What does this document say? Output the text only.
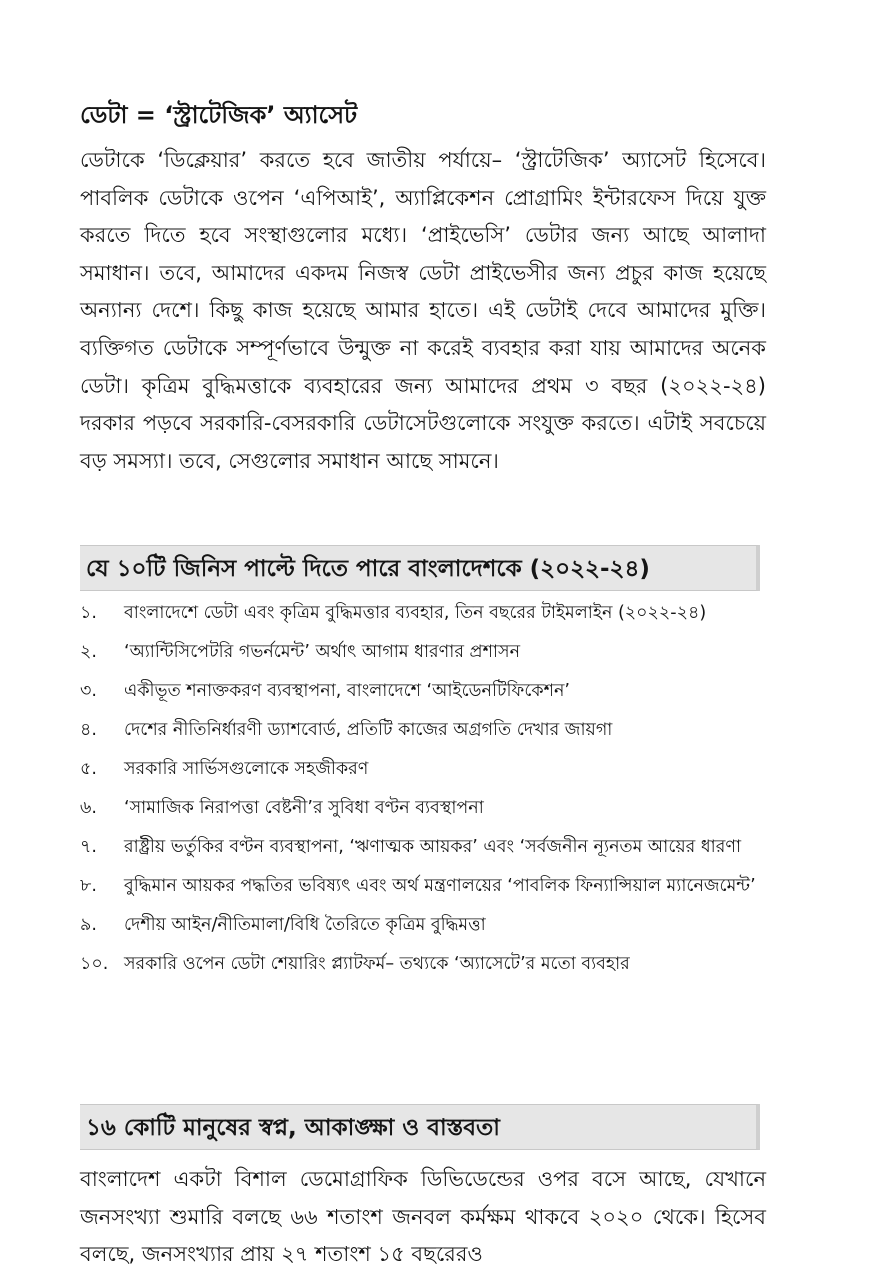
ডেটা = ‘স্ট্রাটেজিক’ অ্যাসেট

ডেটাকে ‘ডিক্লেয়ার’ করতে হবে জাতীয় পর্যায়ে– ‘স্ট্রাটেজিক’ অ্যাসেট হিসেবে। পাবলিক ডেটাকে ওপেন ‘এপিআই’, অ্যাপ্লিকেশন প্রোগ্রামিং ইন্টারফেস দিয়ে যুক্ত করতে দিতে হবে সংস্থাগুলোর মধ্যে। ‘প্রাইভেসি’ ডেটার জন্য আছে আলাদা সমাধান। তবে, আমাদের একদম নিজস্ব ডেটা প্রাইভেসীর জন্য প্রচুর কাজ হয়েছে অন্যান্য দেশে। কিছু কাজ হয়েছে আমার হাতে। এই ডেটাই দেবে আমাদের মুক্তি। ব্যক্তিগত ডেটাকে সম্পূর্ণভাবে উন্মুক্ত না করেই ব্যবহার করা যায় আমাদের অনেক ডেটা। কৃত্রিম বুদ্ধিমত্তাকে ব্যবহারের জন্য আমাদের প্রথম ৩ বছর (২০২২-২৪) দরকার পড়বে সরকারি-বেসরকারি ডেটাসেটগুলোকে সংযুক্ত করতে। এটাই সবচেয়ে বড় সমস্যা। তবে, সেগুলোর সমাধান আছে সামনে।

যে ১০টি জিনিস পাল্টে দিতে পারে বাংলাদেশকে (২০২২-২৪)
১.	বাংলাদেশে ডেটা এবং কৃত্রিম বুদ্ধিমত্তার ব্যবহার, তিন বছরের টাইমলাইন (২০২২-২৪)
২.	‘অ্যান্টিসিপেটরি গভর্নমেন্ট’ অর্থাৎ আগাম ধারণার প্রশাসন
৩.	একীভূত শনাক্তকরণ ব্যবস্থাপনা, বাংলাদেশে ‘আইডেনটিফিকেশন’
৪.	দেশের নীতিনির্ধারণী ড্যাশবোর্ড, প্রতিটি কাজের অগ্রগতি দেখার জায়গা
৫.	সরকারি সার্ভিসগুলোকে সহজীকরণ
৬.	‘সামাজিক নিরাপত্তা বেষ্টনী’র সুবিধা বণ্টন ব্যবস্থাপনা
৭.	রাষ্ট্রীয় ভর্তুকির বণ্টন ব্যবস্থাপনা, ‘ঋণাত্মক আয়কর’ এবং ‘সর্বজনীন ন্যূনতম আয়ের ধারণা
৮.	বুদ্ধিমান আয়কর পদ্ধতির ভবিষ্যৎ এবং অর্থ মন্ত্রণালয়ের ‘পাবলিক ফিন্যান্সিয়াল ম্যানেজমেন্ট’
৯.	দেশীয় আইন/নীতিমালা/বিধি তৈরিতে কৃত্রিম বুদ্ধিমত্তা
১০. সরকারি ওপেন ডেটা শেয়ারিং প্ল্যাটফর্ম– তথ্যকে ‘অ্যাসেটে’র মতো ব্যবহার
১৬ কোটি মানুষের স্বপ্ন, আকাঙ্ক্ষা ও বাস্তবতা

বাংলাদেশ একটা বিশাল ডেমোগ্রাফিক ডিভিডেন্ডের ওপর বসে আছে, যেখানে জনসংখ্যা শুমারি বলছে ৬৬ শতাংশ জনবল কর্মক্ষম থাকবে ২০২০ থেকে। হিসেব বলছে, জনসংখ্যার প্রায় ২৭ শতাংশ ১৫ বছরেরও
